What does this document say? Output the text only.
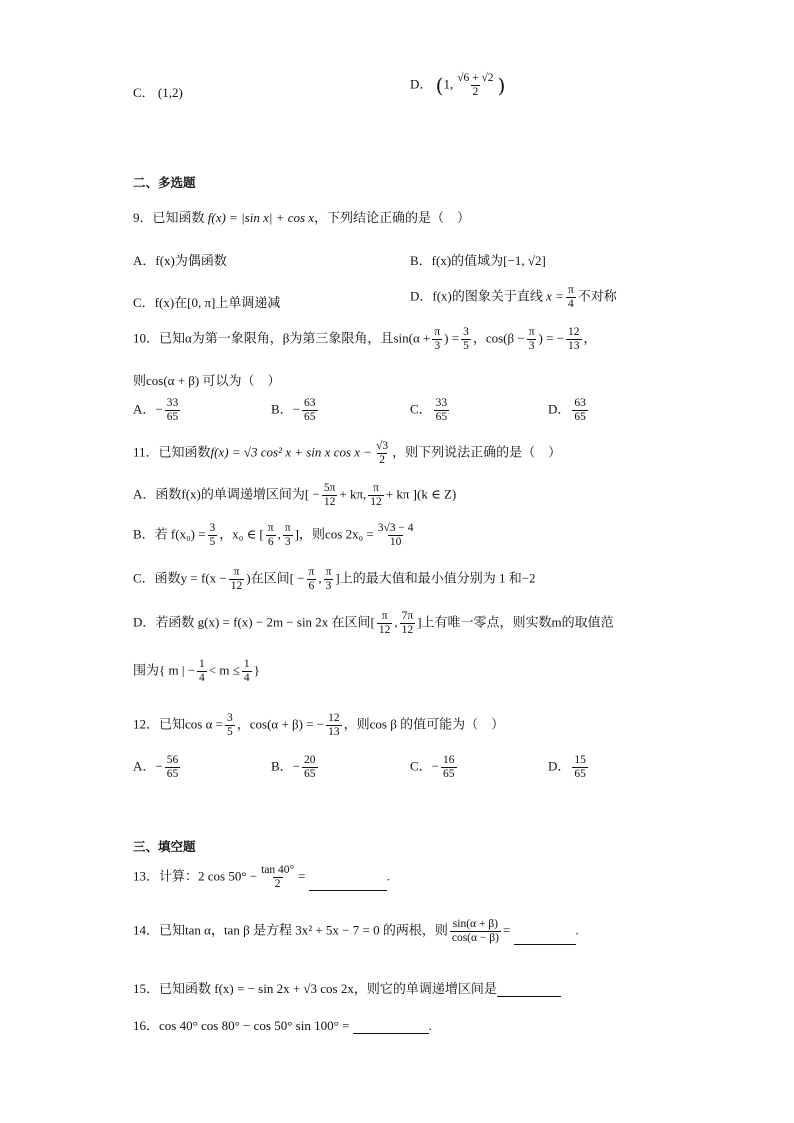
C． (1,2)
D． (1, $\frac{√6 + √2}{2}$ )
二、多选题
9．已知函数 f(x) = |sin x| + cos x，下列结论正确的是（　）
A．f(x)为偶函数	B．f(x)的值域为[−1, √2]
C．f(x)在[0, π]上单调递减	D．f(x)的图象关于直线 $x = \frac{\pi}{4}$ 不对称
10．已知α为第一象限角，β为第三象限角，且$\sin(\alpha + \frac{\pi}{3}$ ) = $\frac{3}{5}$ ，$\cos(\beta - \frac{\pi}{3}$ ) = − $\frac{12}{13}$ ，
则cos(α + β) 可以为（　）
A．− $\frac{33}{65}$	B．− $\frac{63}{65}$	C． $\frac{33}{65}$	D． $\frac{63}{65}$
11．已知函数f(x) = √3 cos² x + sin x $\cos x - \frac{√3}{2}$ ，则下列说法正确的是（　）
A．函数f(x)的单调递增区间为[ − $\frac{5\pi}{12} + k\pi$, $\frac{\pi}{12} + k\pi$ ](k ∈ Z)
B．若 $f(x_0) = \frac{3}{5}$ ，x₀ ∈ [ $\frac{\pi}{6}$ , $\frac{\pi}{3}$ ]，则$\cos 2x_0 = \frac{3√3 - 4}{10}$
C．函数$y = f(x - \frac{\pi}{12}$ )在区间[ − $\frac{\pi}{6}$ , $\frac{\pi}{3}$ ]上的最大值和最小值分别为 1 和−2
D．若函数 g(x) = f(x) − 2m − sin 2x 在区间[ $\frac{\pi}{12}$ , $\frac{7\pi}{12}$ ]上有唯一零点，则实数m的取值范
围为{ m | − $\frac{1}{4} < m \le \frac{1}{4}$ }
12．已知$\cos \alpha = \frac{3}{5}$ ，cos(α + β) = − $\frac{12}{13}$ ，则cos β 的值可能为（　）
A．− $\frac{56}{65}$	B．− $\frac{20}{65}$	C．− $\frac{16}{65}$	D． $\frac{15}{65}$
三、填空题
13．计算：2 $\cos 50^\circ - \frac{\tan 40^\circ}{2}$ =	.
14．已知tan α，tan β 是方程 3x² + 5x − 7 = 0 的两根，则 $\frac{\sin(\alpha + \beta)}{\cos(\alpha - \beta)}$ =	.
15．已知函数 f(x) = − sin 2x + √3 cos 2x，则它的单调递增区间是
16．cos 40° cos 80° − cos 50° sin 100° =	.
